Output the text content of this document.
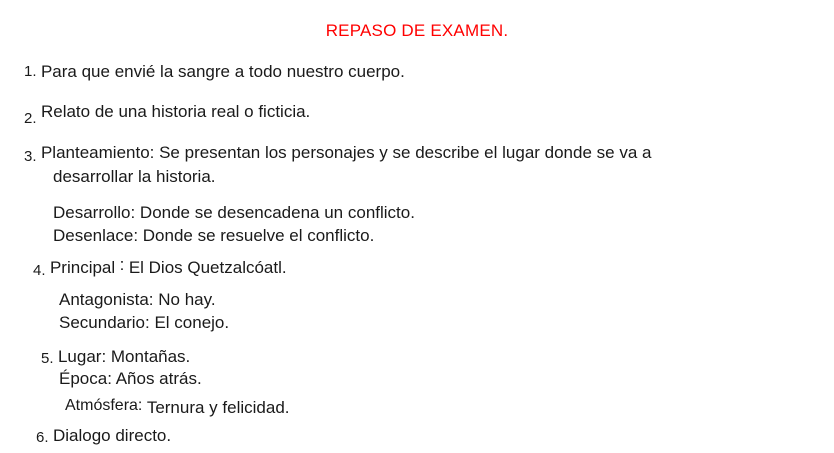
REPASO DE EXAMEN.
1. Para que envié la sangre a todo nuestro cuerpo.
2. Relato de una historia real o ficticia.
3. Planteamiento: Se presentan los personajes y se describe el lugar donde se va a
desarrollar la historia.
Desarrollo: Donde se desencadena un conflicto.
Desenlace: Donde se resuelve el conflicto.
4. Principal : El Dios Quetzalcóatl.
Antagonista: No hay.
Secundario: El conejo.
5. Lugar: Montañas.
Época: Años atrás.
Atmósfera: Ternura y felicidad.
6. Dialogo directo.
